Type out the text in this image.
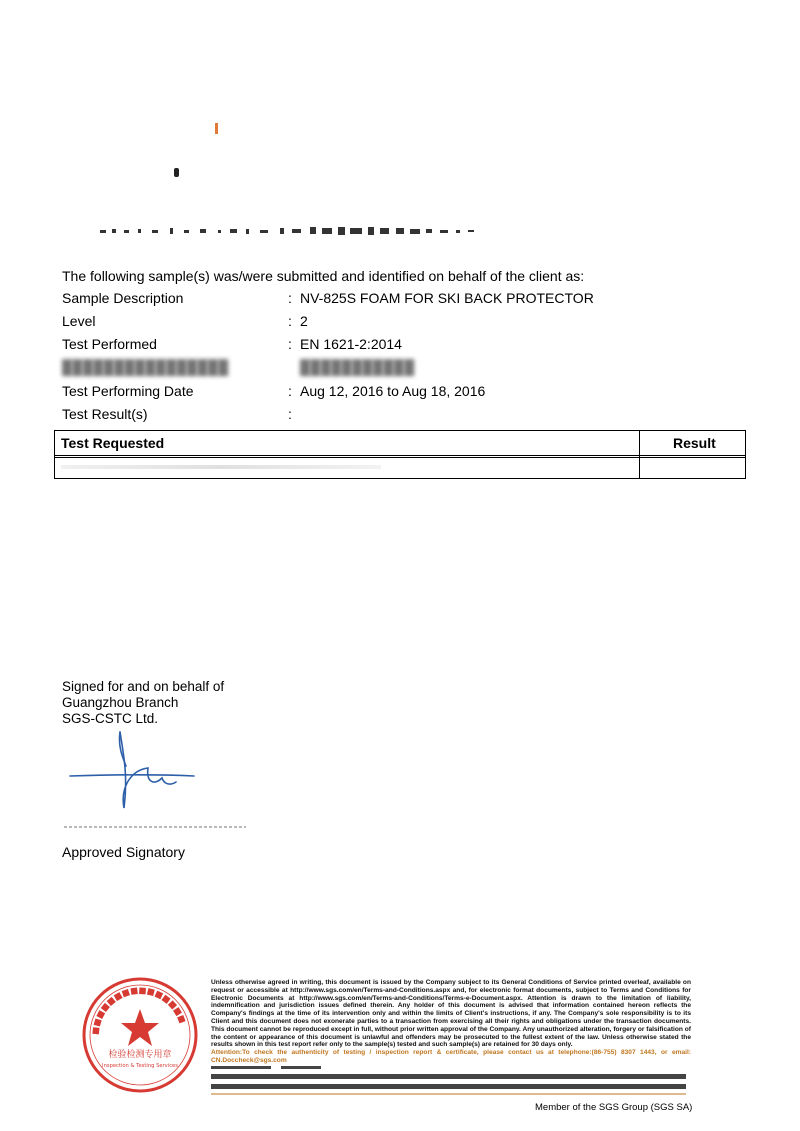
The following sample(s) was/were submitted and identified on behalf of the client as:
Sample Description	: NV-825S FOAM FOR SKI BACK PROTECTOR
Level	: 2
Test Performed	: EN 1621-2:2014
████████████████	███████████
Test Performing Date	: Aug 12, 2016 to Aug 18, 2016
Test Result(s)	:
Test Requested	Result
Signed for and on behalf of
Guangzhou Branch
SGS-CSTC Ltd.
Approved Signatory
■■■■■■■■■■■■■■■
检验检测专用章
Inspection & Testing Services
Unless otherwise agreed in writing, this document is issued by the Company subject to its General Conditions of Service printed overleaf, available on request or accessible at http://www.sgs.com/en/Terms-and-Conditions.aspx and, for electronic format documents, subject to Terms and Conditions for Electronic Documents at http://www.sgs.com/en/Terms-and-Conditions/Terms-e-Document.aspx. Attention is drawn to the limitation of liability, indemnification and jurisdiction issues defined therein. Any holder of this document is advised that information contained hereon reflects the Company's findings at the time of its intervention only and within the limits of Client's instructions, if any. The Company's sole responsibility is to its Client and this document does not exonerate parties to a transaction from exercising all their rights and obligations under the transaction documents. This document cannot be reproduced except in full, without prior written approval of the Company. Any unauthorized alteration, forgery or falsification of the content or appearance of this document is unlawful and offenders may be prosecuted to the fullest extent of the law. Unless otherwise stated the results shown in this test report refer only to the sample(s) tested and such sample(s) are retained for 30 days only.
Attention:To check the authenticity of testing / inspection report & certificate, please contact us at telephone:(86-755) 8307 1443, or email: CN.Doccheck@sgs.com
Member of the SGS Group (SGS SA)
